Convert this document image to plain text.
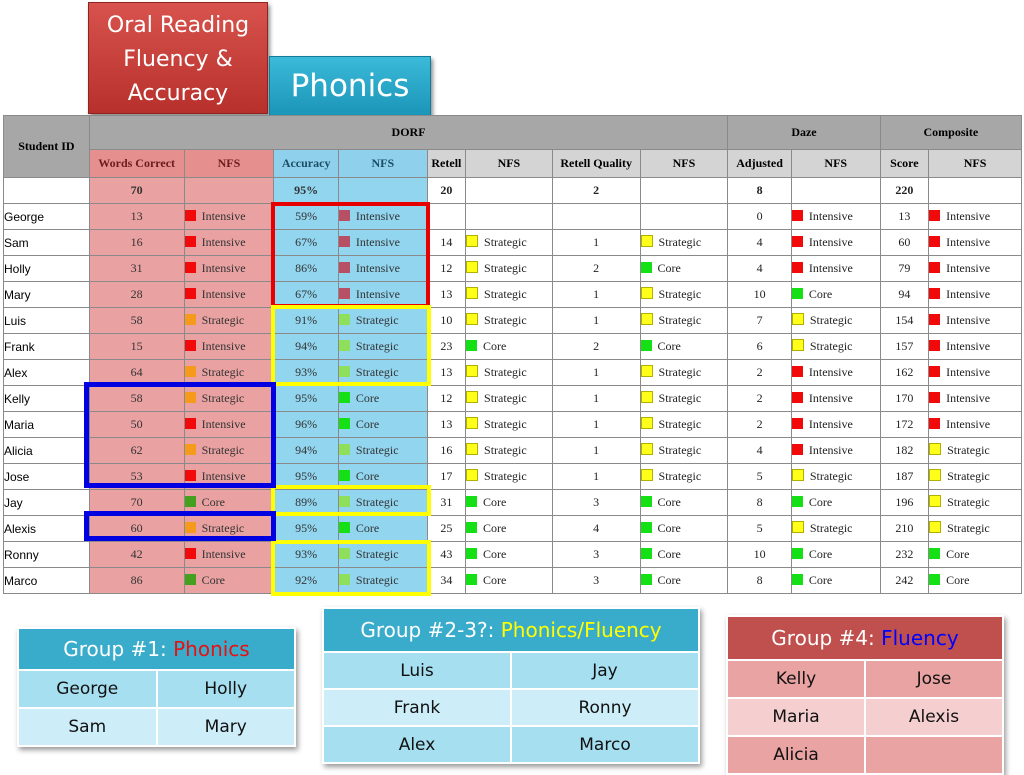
Oral Reading
Fluency &
Accuracy	Phonics
Student ID	DORF								Daze		Composite	
	Words Correct	NFS	Accuracy	NFS	Retell	NFS	Retell Quality	NFS	Adjusted	NFS	Score	NFS
	70		95%		20		2		8		220	
George	13	Intensive	59%	Intensive					0	Intensive	13	Intensive
Sam	16	Intensive	67%	Intensive	14	Strategic	1	Strategic	4	Intensive	60	Intensive
Holly	31	Intensive	86%	Intensive	12	Strategic	2	Core	4	Intensive	79	Intensive
Mary	28	Intensive	67%	Intensive	13	Strategic	1	Strategic	10	Core	94	Intensive
Luis	58	Strategic	91%	Strategic	10	Strategic	1	Strategic	7	Strategic	154	Intensive
Frank	15	Intensive	94%	Strategic	23	Core	2	Core	6	Strategic	157	Intensive
Alex	64	Strategic	93%	Strategic	13	Strategic	1	Strategic	2	Intensive	162	Intensive
Kelly	58	Strategic	95%	Core	12	Strategic	1	Strategic	2	Intensive	170	Intensive
Maria	50	Intensive	96%	Core	13	Strategic	1	Strategic	2	Intensive	172	Intensive
Alicia	62	Strategic	94%	Strategic	16	Strategic	1	Strategic	4	Intensive	182	Strategic
Jose	53	Intensive	95%	Core	17	Strategic	1	Strategic	5	Strategic	187	Strategic
Jay	70	Core	89%	Strategic	31	Core	3	Core	8	Core	196	Strategic
Alexis	60	Strategic	95%	Core	25	Core	4	Core	5	Strategic	210	Strategic
Ronny	42	Intensive	93%	Strategic	43	Core	3	Core	10	Core	232	Core
Marco	86	Core	92%	Strategic	34	Core	3	Core	8	Core	242	Core
Group #1: Phonics	
George	Holly
Sam	Mary
Group #2-3?: Phonics/Fluency	
Luis	Jay
Frank	Ronny
Alex	Marco
Group #4: Fluency	
Kelly	Jose
Maria	Alexis
Alicia	
